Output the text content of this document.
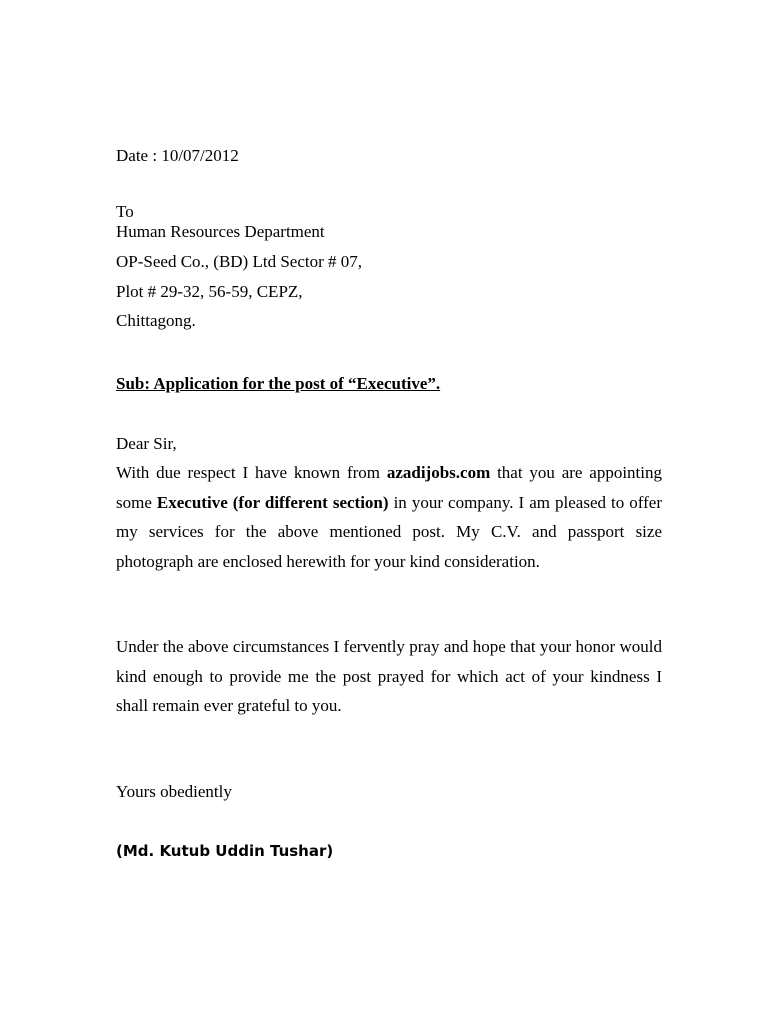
Date : 10/07/2012
To
Human Resources Department
OP-Seed Co., (BD) Ltd Sector # 07,
Plot # 29-32, 56-59, CEPZ,
Chittagong.
Sub: Application for the post of “Executive”.
Dear Sir,
With due respect I have known from azadijobs.com that you are appointing some Executive (for different section) in your company. I am pleased to offer my services for the above mentioned post. My C.V. and passport size photograph are enclosed herewith for your kind consideration.
Under the above circumstances I fervently pray and hope that your honor would kind enough to provide me the post prayed for which act of your kindness I shall remain ever grateful to you.
Yours obediently
(Md. Kutub Uddin Tushar)
